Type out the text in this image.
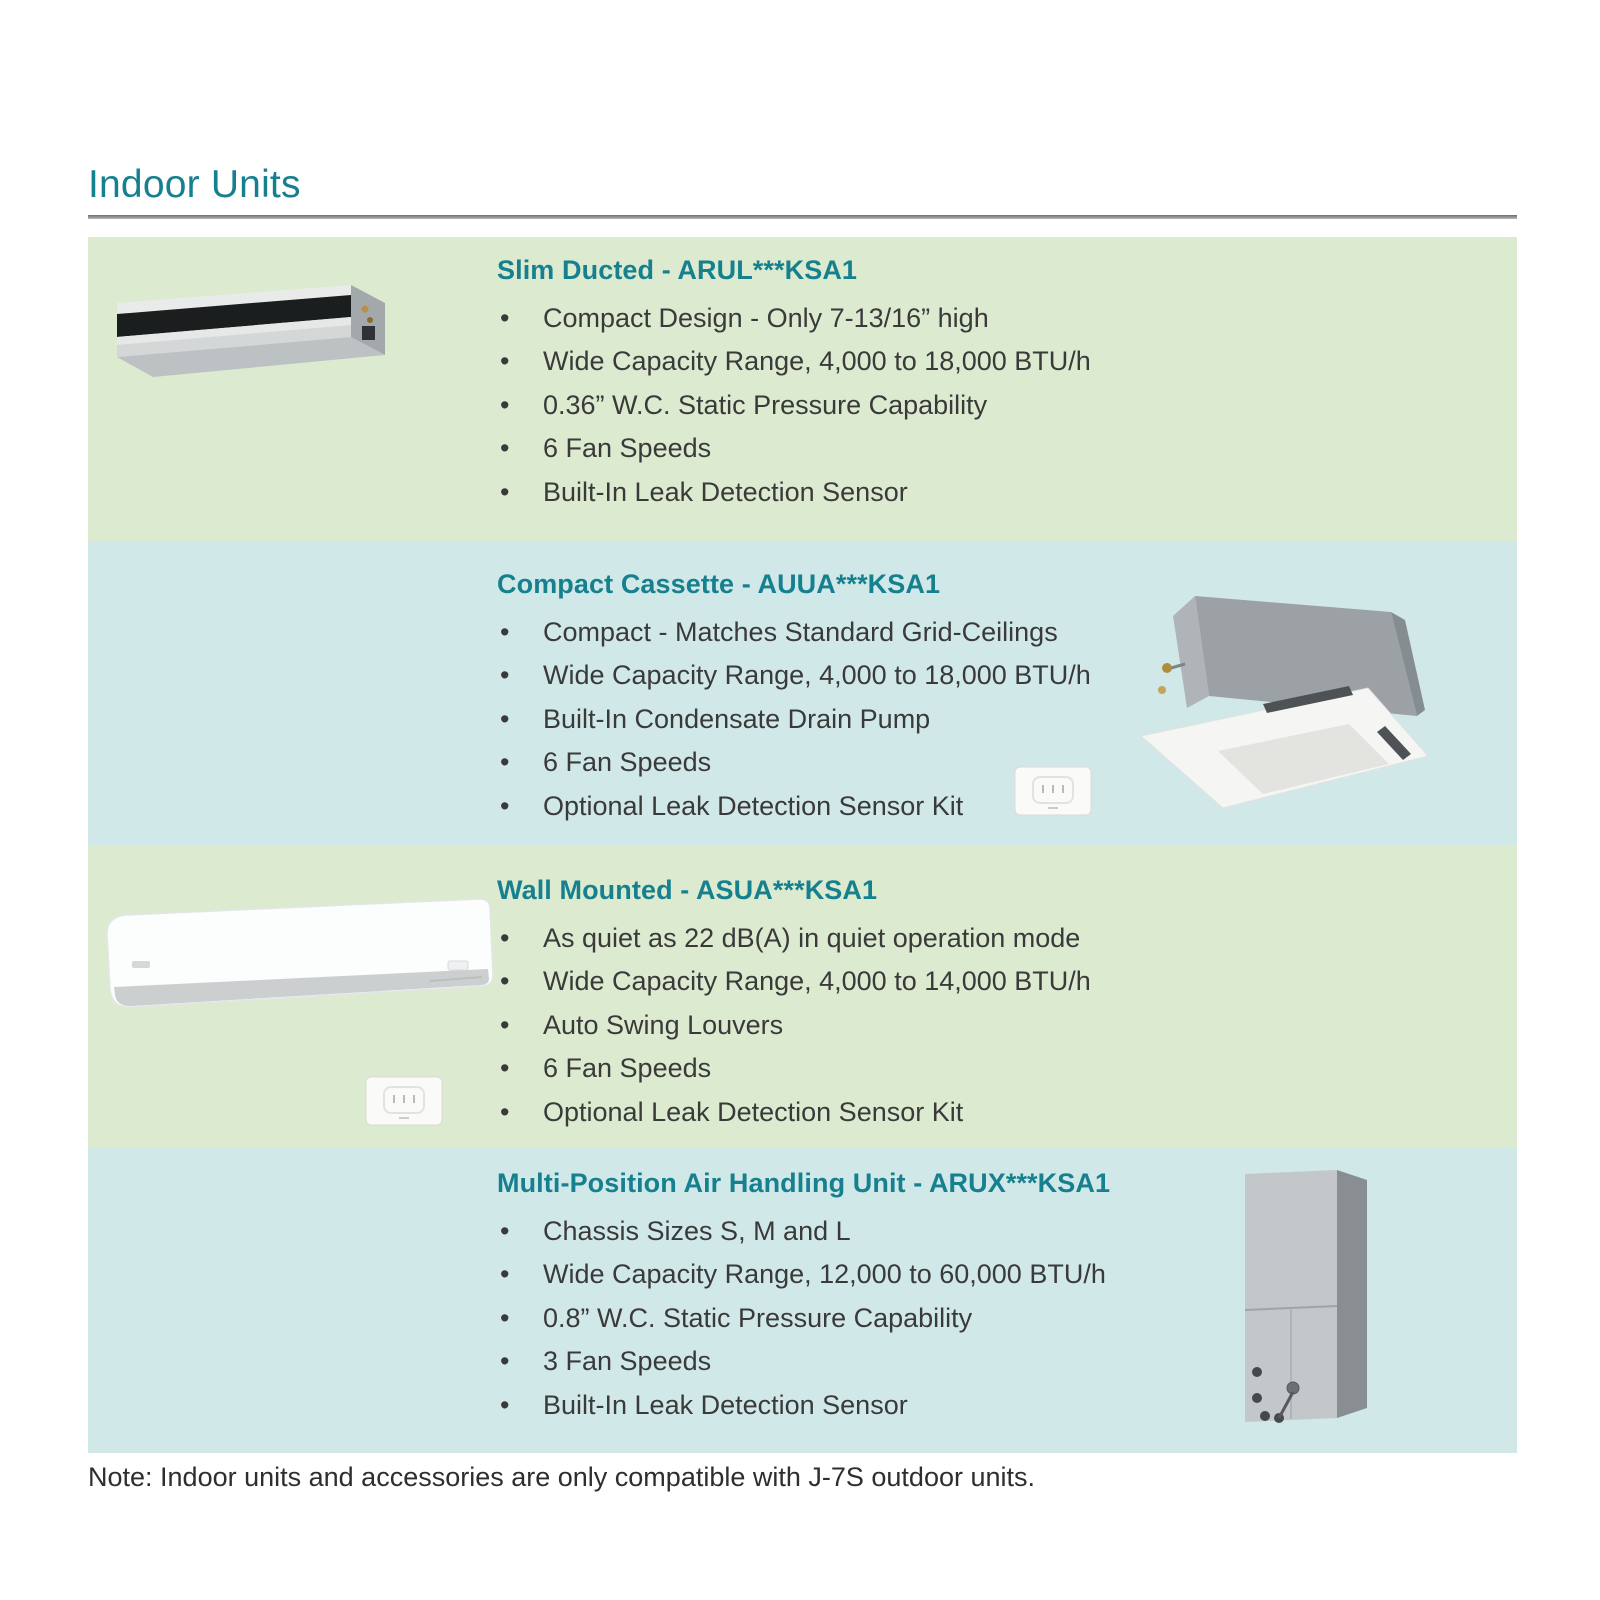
Indoor Units
Slim Ducted - ARUL***KSA1
• Compact Design - Only 7-13/16” high
• Wide Capacity Range, 4,000 to 18,000 BTU/h
• 0.36” W.C. Static Pressure Capability
• 6 Fan Speeds
• Built-In Leak Detection Sensor
Compact Cassette - AUUA***KSA1
• Compact - Matches Standard Grid-Ceilings
• Wide Capacity Range, 4,000 to 18,000 BTU/h
• Built-In Condensate Drain Pump
• 6 Fan Speeds
• Optional Leak Detection Sensor Kit
Wall Mounted - ASUA***KSA1
• As quiet as 22 dB(A) in quiet operation mode
• Wide Capacity Range, 4,000 to 14,000 BTU/h
• Auto Swing Louvers
• 6 Fan Speeds
• Optional Leak Detection Sensor Kit
Multi-Position Air Handling Unit - ARUX***KSA1
• Chassis Sizes S, M and L
• Wide Capacity Range, 12,000 to 60,000 BTU/h
• 0.8” W.C. Static Pressure Capability
• 3 Fan Speeds
• Built-In Leak Detection Sensor
Note: Indoor units and accessories are only compatible with J-7S outdoor units.
